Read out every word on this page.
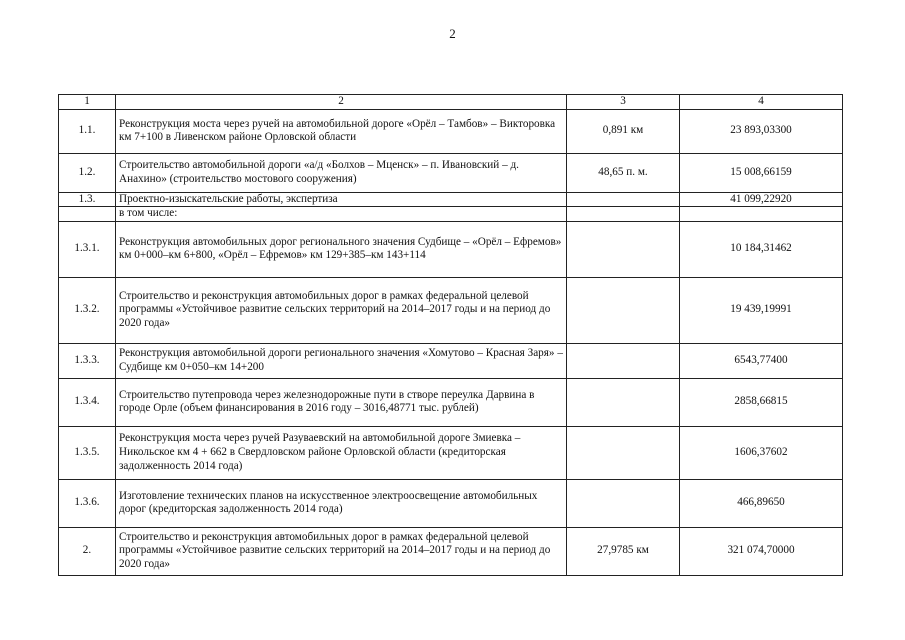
2
1	2	3	4
1.1.	Реконструкция моста через ручей на автомобильной дороге «Орёл – Тамбов» – Викторовка км 7+100 в Ливенском районе Орловской области	0,891 км	23 893,03300
1.2.	Строительство автомобильной дороги «а/д «Болхов – Мценск» – п. Ивановский – д. Анахино» (строительство мостового сооружения)	48,65 п. м.	15 008,66159
1.3.	Проектно-изыскательские работы, экспертиза		41 099,22920
	в том числе:		
1.3.1.	Реконструкция автомобильных дорог регионального значения Судбище – «Орёл – Ефремов» км 0+000–км 6+800, «Орёл – Ефремов» км 129+385–км 143+114		10 184,31462
1.3.2.	Строительство и реконструкция автомобильных дорог в рамках федеральной целевой программы «Устойчивое развитие сельских территорий на 2014–2017 годы и на период до 2020 года»		19 439,19991
1.3.3.	Реконструкция автомобильной дороги регионального значения «Хомутово – Красная Заря» – Судбище км 0+050–км 14+200		6543,77400
1.3.4.	Строительство путепровода через железнодорожные пути в створе переулка Дарвина в городе Орле (объем финансирования в 2016 году – 3016,48771 тыс. рублей)		2858,66815
1.3.5.	Реконструкция моста через ручей Разуваевский на автомобильной дороге Змиевка – Никольское км 4 + 662 в Свердловском районе Орловской области (кредиторская задолженность 2014 года)		1606,37602
1.3.6.	Изготовление технических планов на искусственное электроосвещение автомобильных дорог (кредиторская задолженность 2014 года)		466,89650
2.	Строительство и реконструкция автомобильных дорог в рамках федеральной целевой программы «Устойчивое развитие сельских территорий на 2014–2017 годы и на период до 2020 года»	27,9785 км	321 074,70000
